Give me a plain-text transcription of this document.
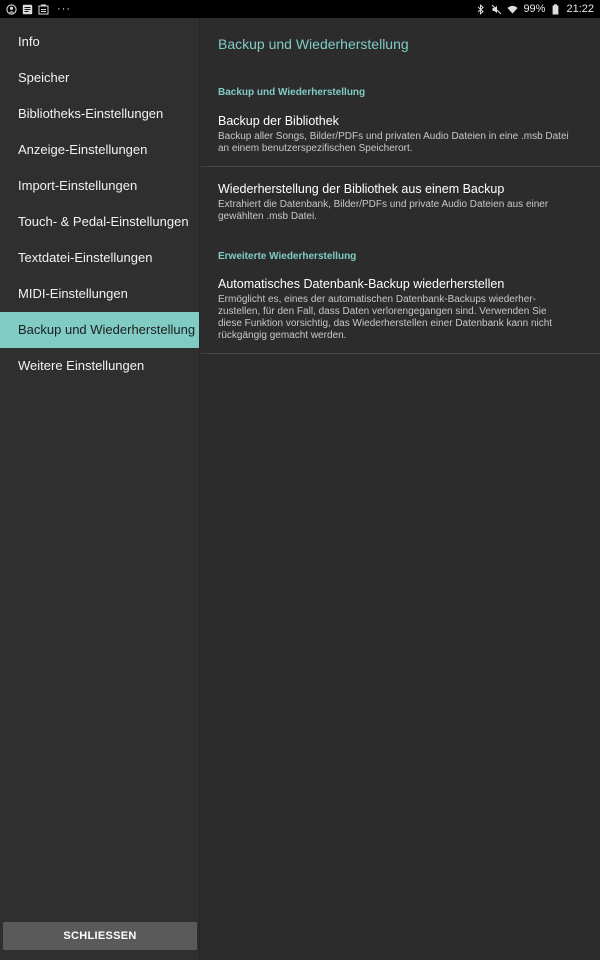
···	99% 21:22
Info
Speicher
Bibliotheks-Einstellungen
Anzeige-Einstellungen
Import-Einstellungen
Touch- & Pedal-Einstellungen
Textdatei-Einstellungen
MIDI-Einstellungen
Backup und Wiederherstellung
Weitere Einstellungen
SCHLIESSEN
Backup und Wiederherstellung
Backup und Wiederherstellung
Backup der Bibliothek
Backup aller Songs, Bilder/PDFs und privaten Audio Dateien in eine .msb Datei
an einem benutzerspezifischen Speicherort.
Wiederherstellung der Bibliothek aus einem Backup
Extrahiert die Datenbank, Bilder/PDFs und private Audio Dateien aus einer
gewählten .msb Datei.
Erweiterte Wiederherstellung
Automatisches Datenbank-Backup wiederherstellen
Ermöglicht es, eines der automatischen Datenbank-Backups wiederher-
zustellen, für den Fall, dass Daten verlorengegangen sind. Verwenden Sie
diese Funktion vorsichtig, das Wiederherstellen einer Datenbank kann nicht
rückgängig gemacht werden.
